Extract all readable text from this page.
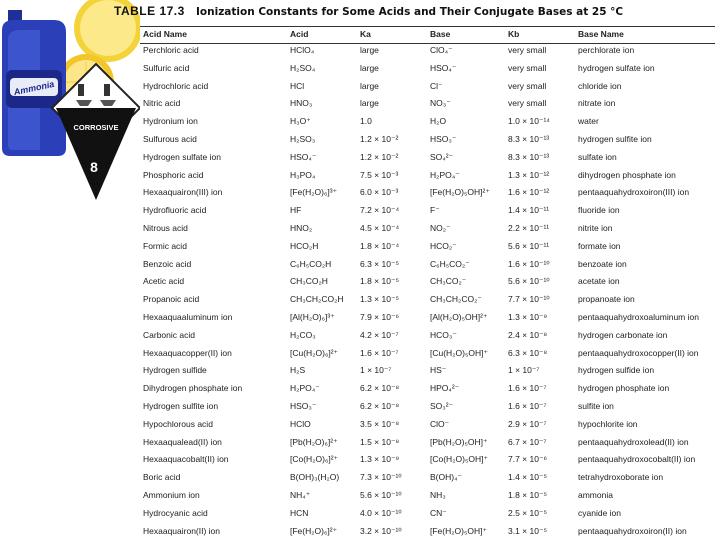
Ammonia
CORROSIVE
8
TABLE 17.3 Ionization Constants for Some Acids and Their Conjugate Bases at 25 °C
Acid Name	Acid	Ka	Base	Kb	Base Name
Perchloric acid	HClO₄	large	ClO₄⁻	very small	perchlorate ion
Sulfuric acid	H₂SO₄	large	HSO₄⁻	very small	hydrogen sulfate ion
Hydrochloric acid	HCl	large	Cl⁻	very small	chloride ion
Nitric acid	HNO₃	large	NO₃⁻	very small	nitrate ion
Hydronium ion	H₃O⁺	1.0	H₂O	1.0 × 10⁻¹⁴	water
Sulfurous acid	H₂SO₃	1.2 × 10⁻²	HSO₃⁻	8.3 × 10⁻¹³	hydrogen sulfite ion
Hydrogen sulfate ion	HSO₄⁻	1.2 × 10⁻²	SO₄²⁻	8.3 × 10⁻¹³	sulfate ion
Phosphoric acid	H₃PO₄	7.5 × 10⁻³	H₂PO₄⁻	1.3 × 10⁻¹²	dihydrogen phosphate ion
Hexaaquairon(III) ion	[Fe(H₂O)₆]³⁺	6.0 × 10⁻³	[Fe(H₂O)₅OH]²⁺ 1.6 × 10⁻¹²	pentaaquahydroxoiron(III) ion
Hydrofluoric acid	HF	7.2 × 10⁻⁴	F⁻	1.4 × 10⁻¹¹	fluoride ion
Nitrous acid	HNO₂	4.5 × 10⁻⁴	NO₂⁻	2.2 × 10⁻¹¹	nitrite ion
Formic acid	HCO₂H	1.8 × 10⁻⁴	HCO₂⁻	5.6 × 10⁻¹¹	formate ion
Benzoic acid	C₆H₅CO₂H	6.3 × 10⁻⁵	C₆H₅CO₂⁻	1.6 × 10⁻¹⁰	benzoate ion
Acetic acid	CH₃CO₂H	1.8 × 10⁻⁵	CH₃CO₂⁻	5.6 × 10⁻¹⁰	acetate ion
Propanoic acid	CH₃CH₂CO₂H 1.3 × 10⁻⁵	CH₃CH₂CO₂⁻	7.7 × 10⁻¹⁰	propanoate ion
Hexaaquaaluminum ion	[Al(H₂O)₆]³⁺	7.9 × 10⁻⁶	[Al(H₂O)₅OH]²⁺ 1.3 × 10⁻⁹	pentaaquahydroxoaluminum ion
Carbonic acid	H₂CO₃	4.2 × 10⁻⁷	HCO₃⁻	2.4 × 10⁻⁸	hydrogen carbonate ion
Hexaaquacopper(II) ion	[Cu(H₂O)₆]²⁺	1.6 × 10⁻⁷	[Cu(H₂O)₅OH]⁺ 6.3 × 10⁻⁸	pentaaquahydroxocopper(II) ion
Hydrogen sulfide	H₂S	1 × 10⁻⁷	HS⁻	1 × 10⁻⁷	hydrogen sulfide ion
Dihydrogen phosphate ion	H₂PO₄⁻	6.2 × 10⁻⁸	HPO₄²⁻	1.6 × 10⁻⁷	hydrogen phosphate ion
Hydrogen sulfite ion	HSO₃⁻	6.2 × 10⁻⁸	SO₃²⁻	1.6 × 10⁻⁷	sulfite ion
Hypochlorous acid	HClO	3.5 × 10⁻⁸	ClO⁻	2.9 × 10⁻⁷	hypochlorite ion
Hexaaqualead(II) ion	[Pb(H₂O)₆]²⁺	1.5 × 10⁻⁸	[Pb(H₂O)₅OH]⁺ 6.7 × 10⁻⁷	pentaaquahydroxolead(II) ion
Hexaaquacobalt(II) ion	[Co(H₂O)₆]²⁺	1.3 × 10⁻⁹	[Co(H₂O)₅OH]⁺ 7.7 × 10⁻⁶	pentaaquahydroxocobalt(II) ion
Boric acid	B(OH)₃(H₂O) 7.3 × 10⁻¹⁰	B(OH)₄⁻	1.4 × 10⁻⁵	tetrahydroxoborate ion
Ammonium ion	NH₄⁺	5.6 × 10⁻¹⁰	NH₃	1.8 × 10⁻⁵	ammonia
Hydrocyanic acid	HCN	4.0 × 10⁻¹⁰	CN⁻	2.5 × 10⁻⁵	cyanide ion
Hexaaquairon(II) ion	[Fe(H₂O)₆]²⁺	3.2 × 10⁻¹⁰	[Fe(H₂O)₅OH]⁺ 3.1 × 10⁻⁵	pentaaquahydroxoiron(II) ion
